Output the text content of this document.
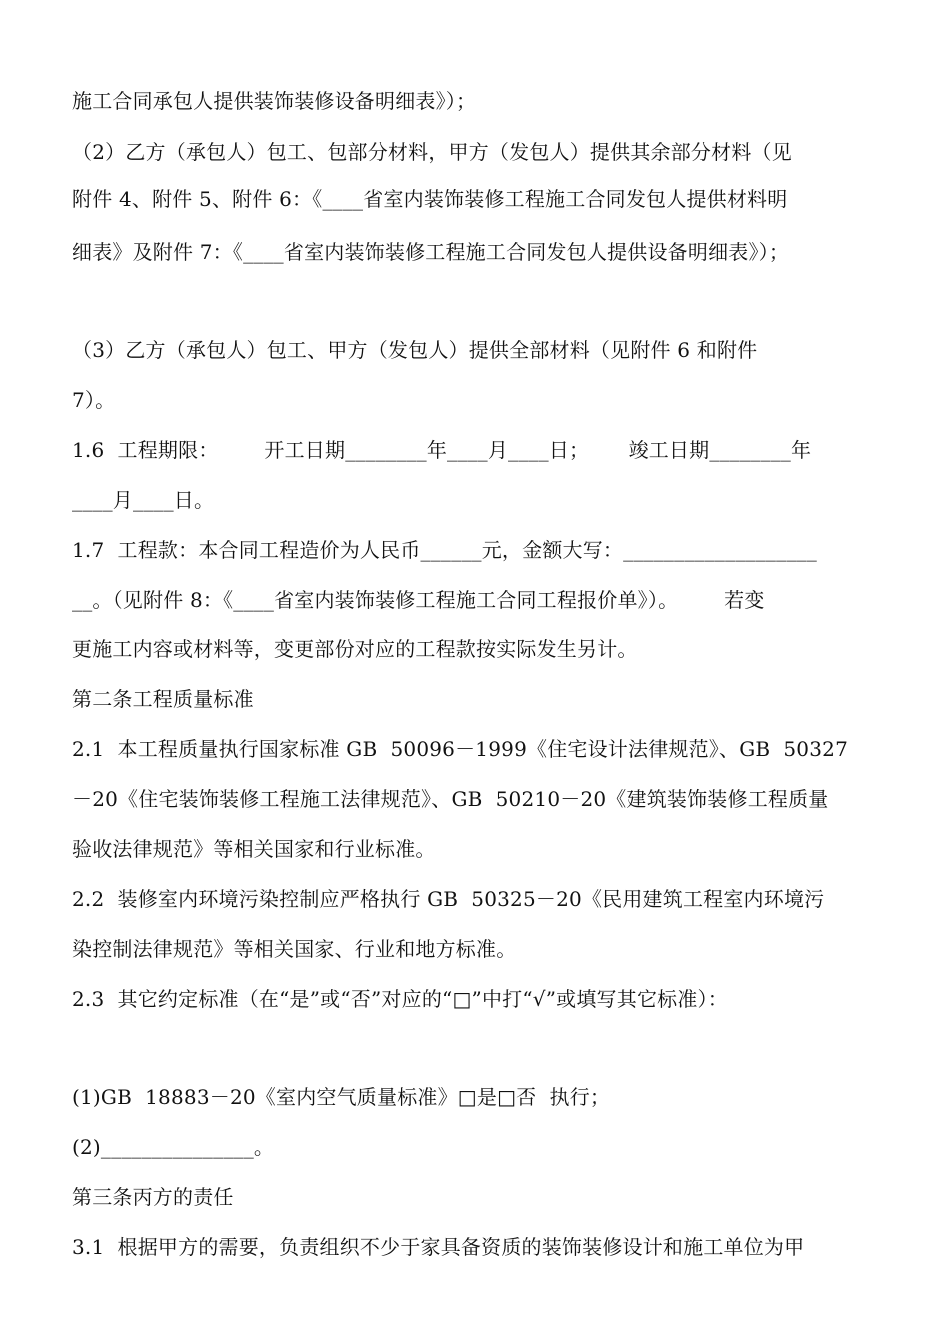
施工合同承包人提供装饰装修设备明细表》）；
（2）乙方（承包人）包工、包部分材料，甲方（发包人）提供其余部分材料（见
附件 4、附件 5、附件 6：《____省室内装饰装修工程施工合同发包人提供材料明
细表》及附件 7：《____省室内装饰装修工程施工合同发包人提供设备明细表》）；
（3）乙方（承包人）包工、甲方（发包人）提供全部材料（见附件 6 和附件
7）。
1.6  工程期限：       开工日期________年____月____日；      竣工日期________年
____月____日。
1.7  工程款：本合同工程造价为人民币______元，金额大写：___________________
__。（见附件 8：《____省室内装饰装修工程施工合同工程报价单》）。       若变
更施工内容或材料等，变更部份对应的工程款按实际发生另计。
第二条工程质量标准
2.1  本工程质量执行国家标准 GB  50096－1999《住宅设计法律规范》、GB  50327
－20《住宅装饰装修工程施工法律规范》、GB  50210－20《建筑装饰装修工程质量
验收法律规范》等相关国家和行业标准。
2.2  装修室内环境污染控制应严格执行 GB  50325－20《民用建筑工程室内环境污
染控制法律规范》等相关国家、行业和地方标准。
2.3  其它约定标准（在“是”或“否”对应的“□”中打“√”或填写其它标准）：
(1)GB  18883－20《室内空气质量标准》□是□否  执行；
(2)_______________。
第三条丙方的责任
3.1  根据甲方的需要，负责组织不少于家具备资质的装饰装修设计和施工单位为甲
